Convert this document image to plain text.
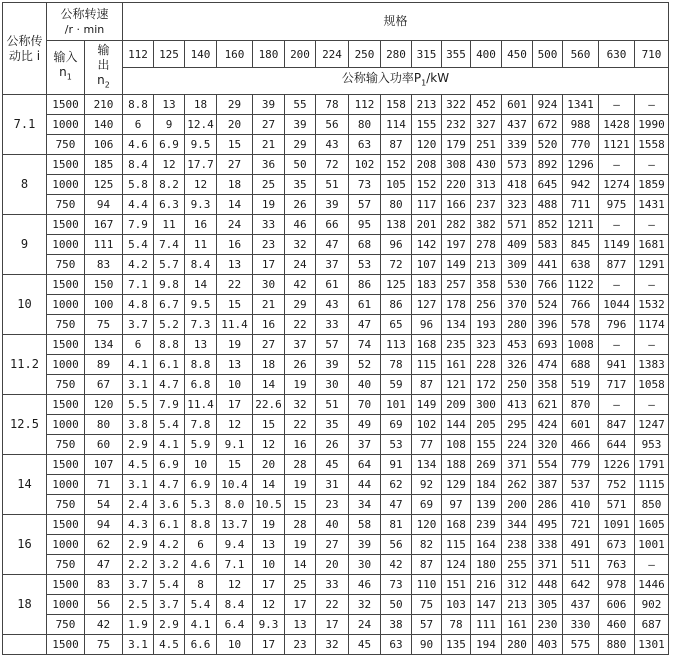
公称传
动比 i	公称转速
/r · min		规格																
	输入
$n_1$	输
出
$n_2$	112	125	140	160	180	200	224	250	280	315	355	400	450	500	560	630	710
			公称输入功率$P_1/kW$																
7.1	1500	210	8.8	13	18	29	39	55	78	112	158	213	322	452	601	924	1341	–	–
	1000	140	6	9	12.4	20	27	39	56	80	114	155	232	327	437	672	988	1428	1990
	750	106	4.6	6.9	9.5	15	21	29	43	63	87	120	179	251	339	520	770	1121	1558
8	1500	185	8.4	12	17.7	27	36	50	72	102	152	208	308	430	573	892	1296	–	–
	1000	125	5.8	8.2	12	18	25	35	51	73	105	152	220	313	418	645	942	1274	1859
	750	94	4.4	6.3	9.3	14	19	26	39	57	80	117	166	237	323	488	711	975	1431
9	1500	167	7.9	11	16	24	33	46	66	95	138	201	282	382	571	852	1211	–	–
	1000	111	5.4	7.4	11	16	23	32	47	68	96	142	197	278	409	583	845	1149	1681
	750	83	4.2	5.7	8.4	13	17	24	37	53	72	107	149	213	309	441	638	877	1291
10	1500	150	7.1	9.8	14	22	30	42	61	86	125	183	257	358	530	766	1122	–	–
	1000	100	4.8	6.7	9.5	15	21	29	43	61	86	127	178	256	370	524	766	1044	1532
	750	75	3.7	5.2	7.3	11.4	16	22	33	47	65	96	134	193	280	396	578	796	1174
11.2	1500	134	6	8.8	13	19	27	37	57	74	113	168	235	323	453	693	1008	–	–
	1000	89	4.1	6.1	8.8	13	18	26	39	52	78	115	161	228	326	474	688	941	1383
	750	67	3.1	4.7	6.8	10	14	19	30	40	59	87	121	172	250	358	519	717	1058
12.5	1500	120	5.5	7.9	11.4	17	22.6	32	51	70	101	149	209	300	413	621	870	–	–
	1000	80	3.8	5.4	7.8	12	15	22	35	49	69	102	144	205	295	424	601	847	1247
	750	60	2.9	4.1	5.9	9.1	12	16	26	37	53	77	108	155	224	320	466	644	953
14	1500	107	4.5	6.9	10	15	20	28	45	64	91	134	188	269	371	554	779	1226	1791
	1000	71	3.1	4.7	6.9	10.4	14	19	31	44	62	92	129	184	262	387	537	752	1115
	750	54	2.4	3.6	5.3	8.0	10.5	15	23	34	47	69	97	139	200	286	410	571	850
16	1500	94	4.3	6.1	8.8	13.7	19	28	40	58	81	120	168	239	344	495	721	1091	1605
	1000	62	2.9	4.2	6	9.4	13	19	27	39	56	82	115	164	238	338	491	673	1001
	750	47	2.2	3.2	4.6	7.1	10	14	20	30	42	87	124	180	255	371	511	763	–
18	1500	83	3.7	5.4	8	12	17	25	33	46	73	110	151	216	312	448	642	978	1446
	1000	56	2.5	3.7	5.4	8.4	12	17	22	32	50	75	103	147	213	305	437	606	902
	750	42	1.9	2.9	4.1	6.4	9.3	13	17	24	38	57	78	111	161	230	330	460	687
	1500	75	3.1	4.5	6.6	10	17	23	32	45	63	90	135	194	280	403	575	880	1301
